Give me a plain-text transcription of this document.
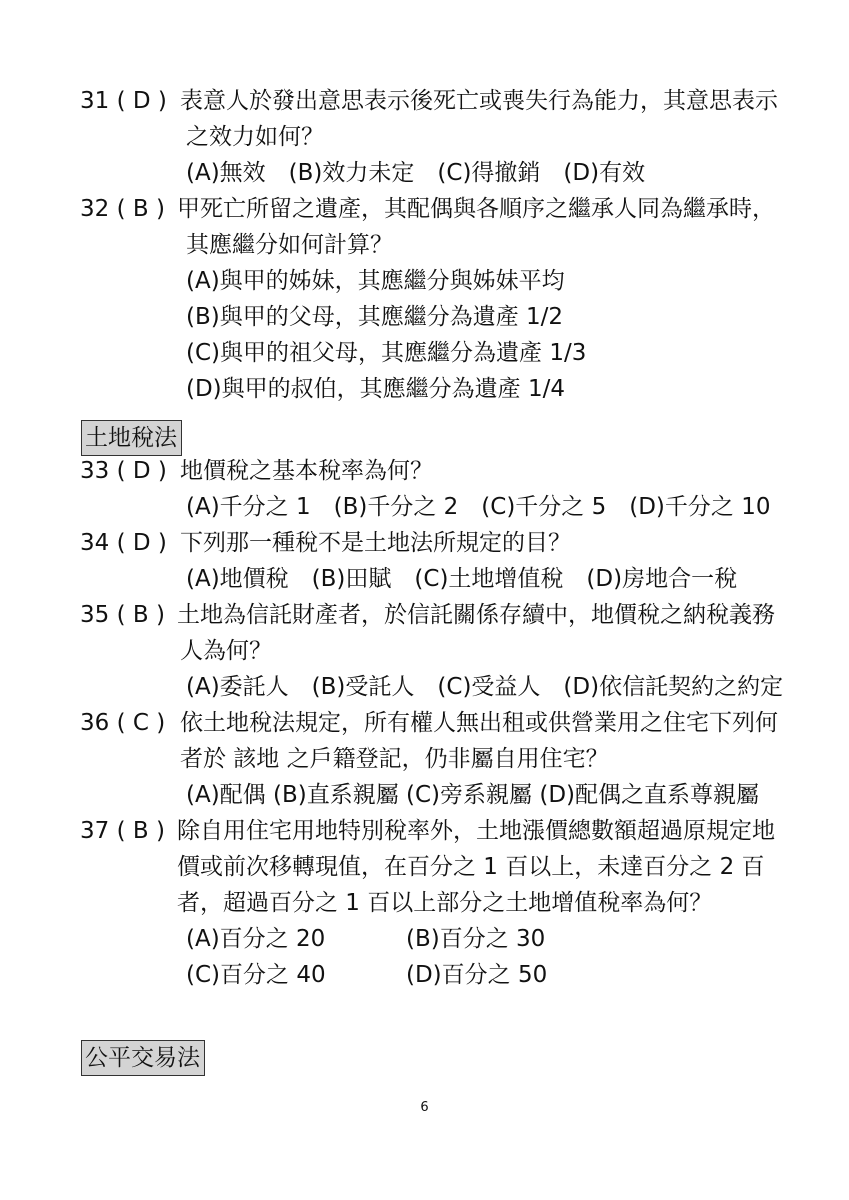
31 ( D ) 表意人於發出意思表示後死亡或喪失行為能力，其意思表示
之效力如何？
(A)無效　(B)效力未定　(C)得撤銷　(D)有效
32 ( B ) 甲死亡所留之遺產，其配偶與各順序之繼承人同為繼承時，
其應繼分如何計算？
(A)與甲的姊妹，其應繼分與姊妹平均
(B)與甲的父母，其應繼分為遺產 1/2
(C)與甲的祖父母，其應繼分為遺產 1/3
(D)與甲的叔伯，其應繼分為遺產 1/4
土地稅法
33 ( D ) 地價稅之基本稅率為何？
(A)千分之 1　(B)千分之 2　(C)千分之 5　(D)千分之 10
34 ( D ) 下列那一種稅不是土地法所規定的目？
(A)地價稅　(B)田賦　(C)土地增值稅　(D)房地合一稅
35 ( B ) 土地為信託財產者，於信託關係存續中，地價稅之納稅義務
人為何？
(A)委託人　(B)受託人　(C)受益人　(D)依信託契約之約定
36 ( C ) 依土地稅法規定，所有權人無出租或供營業用之住宅下列何
者於 該地 之戶籍登記，仍非屬自用住宅？
(A)配偶 (B)直系親屬 (C)旁系親屬 (D)配偶之直系尊親屬
37 ( B ) 除自用住宅用地特別稅率外，土地漲價總數額超過原規定地
價或前次移轉現值，在百分之 1 百以上，未達百分之 2 百
者，超過百分之 1 百以上部分之土地增值稅率為何？
(A)百分之 20	(B)百分之 30
(C)百分之 40	(D)百分之 50
公平交易法
6
